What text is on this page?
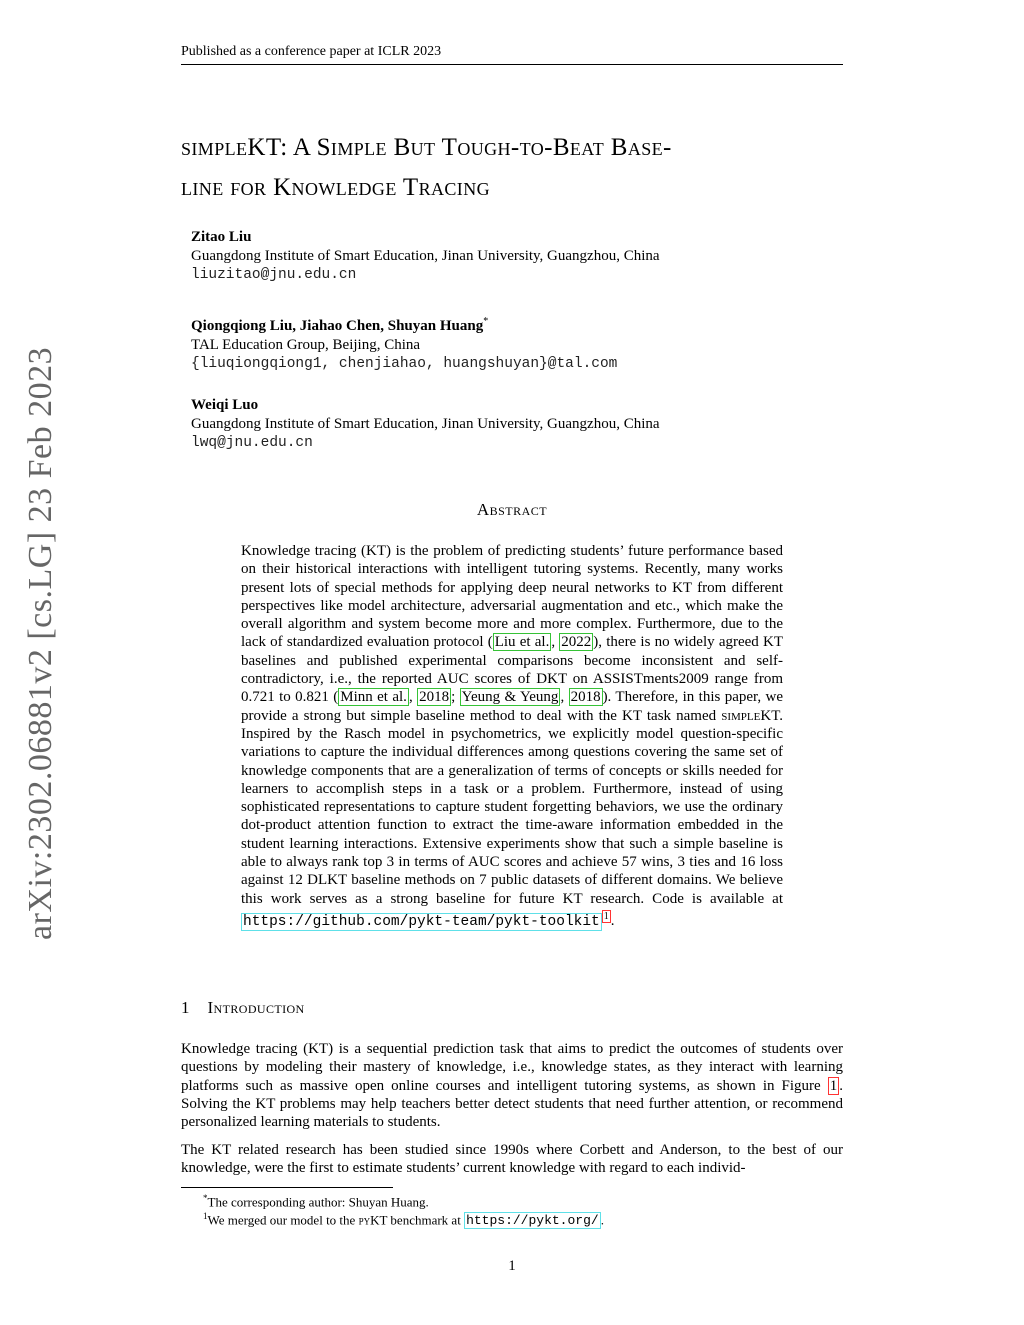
Published as a conference paper at ICLR 2023
arXiv:2302.06881v2 [cs.LG] 23 Feb 2023
simpleKT: A Simple But Tough-to-Beat Base-
line for Knowledge Tracing
Zitao Liu
Guangdong Institute of Smart Education, Jinan University, Guangzhou, China
liuzitao@jnu.edu.cn
Qiongqiong Liu, Jiahao Chen, Shuyan Huang*
TAL Education Group, Beijing, China
{liuqiongqiong1, chenjiahao, huangshuyan}@tal.com
Weiqi Luo
Guangdong Institute of Smart Education, Jinan University, Guangzhou, China
lwq@jnu.edu.cn
Abstract

Knowledge tracing (KT) is the problem of predicting students’ future performance based on their historical interactions with intelligent tutoring systems. Recently, many works present lots of special methods for applying deep neural networks to KT from different perspectives like model architecture, adversarial augmentation and etc., which make the overall algorithm and system become more and more complex. Furthermore, due to the lack of standardized evaluation protocol ( Liu et al. , 2022 ), there is no widely agreed KT baselines and published experimental comparisons become inconsistent and self-contradictory, i.e., the reported AUC scores of DKT on ASSISTments2009 range from 0.721 to 0.821 ( Minn et al. , 2018 ; Yeung & Yeung , 2018 ). Therefore, in this paper, we provide a strong but simple baseline method to deal with the KT task named simpleKT. Inspired by the Rasch model in psychometrics, we explicitly model question-specific variations to capture the individual differences among questions covering the same set of knowledge components that are a generalization of terms of concepts or skills needed for learners to accomplish steps in a task or a problem. Furthermore, instead of using sophisticated representations to capture student forgetting behaviors, we use the ordinary dot-product attention function to extract the time-aware information embedded in the student learning interactions. Extensive experiments show that such a simple baseline is able to always rank top 3 in terms of AUC scores and achieve 57 wins, 3 ties and 16 loss against 12 DLKT baseline methods on 7 public datasets of different domains. We believe this work serves as a strong baseline for future KT research. Code is available at https://github.com/pykt-team/pykt-toolkit $^1$ .

1 Introduction

Knowledge tracing (KT) is a sequential prediction task that aims to predict the outcomes of students over questions by modeling their mastery of knowledge, i.e., knowledge states, as they interact with learning platforms such as massive open online courses and intelligent tutoring systems, as shown in Figure 1 . Solving the KT problems may help teachers better detect students that need further attention, or recommend personalized learning materials to students.

The KT related research has been studied since 1990s where Corbett and Anderson, to the best of our knowledge, were the first to estimate students’ current knowledge with regard to each individ-

*The corresponding author: Shuyan Huang.
$^1$We merged our model to the pyKT benchmark at https://pykt.org/ .
1
